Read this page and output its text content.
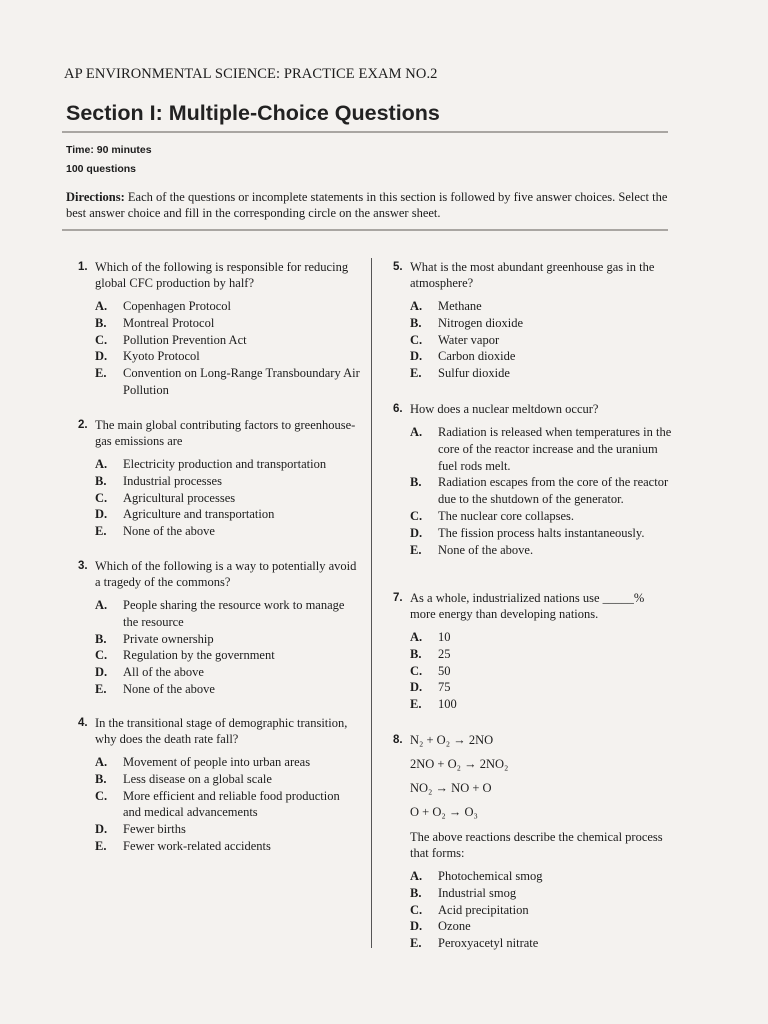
AP ENVIRONMENTAL SCIENCE: PRACTICE EXAM NO.2
Section I: Multiple-Choice Questions
Time: 90 minutes
100 questions
Directions: Each of the questions or incomplete statements in this section is followed by five answer choices. Select the best answer choice and fill in the corresponding circle on the answer sheet.
1. Which of the following is responsible for reducing global CFC production by half?
A.	Copenhagen Protocol
B.	Montreal Protocol
C.	Pollution Prevention Act
D.	Kyoto Protocol
E.	Convention on Long-Range Transboundary Air Pollution
2. The main global contributing factors to greenhouse-gas emissions are
A.	Electricity production and transportation
B.	Industrial processes
C.	Agricultural processes
D.	Agriculture and transportation
E.	None of the above
3. Which of the following is a way to potentially avoid a tragedy of the commons?
A.	People sharing the resource work to manage the resource
B.	Private ownership
C.	Regulation by the government
D.	All of the above
E.	None of the above
4. In the transitional stage of demographic transition, why does the death rate fall?
A.	Movement of people into urban areas
B.	Less disease on a global scale
C.	More efficient and reliable food production and medical advancements
D.	Fewer births
E.	Fewer work-related accidents
5. What is the most abundant greenhouse gas in the atmosphere?
A.	Methane
B.	Nitrogen dioxide
C.	Water vapor
D.	Carbon dioxide
E.	Sulfur dioxide
6. How does a nuclear meltdown occur?
A.	Radiation is released when temperatures in the core of the reactor increase and the uranium fuel rods melt.
B.	Radiation escapes from the core of the reactor due to the shutdown of the generator.
C.	The nuclear core collapses.
D.	The fission process halts instantaneously.
E.	None of the above.
7. As a whole, industrialized nations use _____% more energy than developing nations.
A.	10
B.	25
C.	50
D.	75
E.	100
8. N₂ + O₂ → 2NO
2NO + O₂ → 2NO₂
NO₂ → NO + O
O + O₂ → O₃
The above reactions describe the chemical process that forms:
A.	Photochemical smog
B.	Industrial smog
C.	Acid precipitation
D.	Ozone
E.	Peroxyacetyl nitrate
